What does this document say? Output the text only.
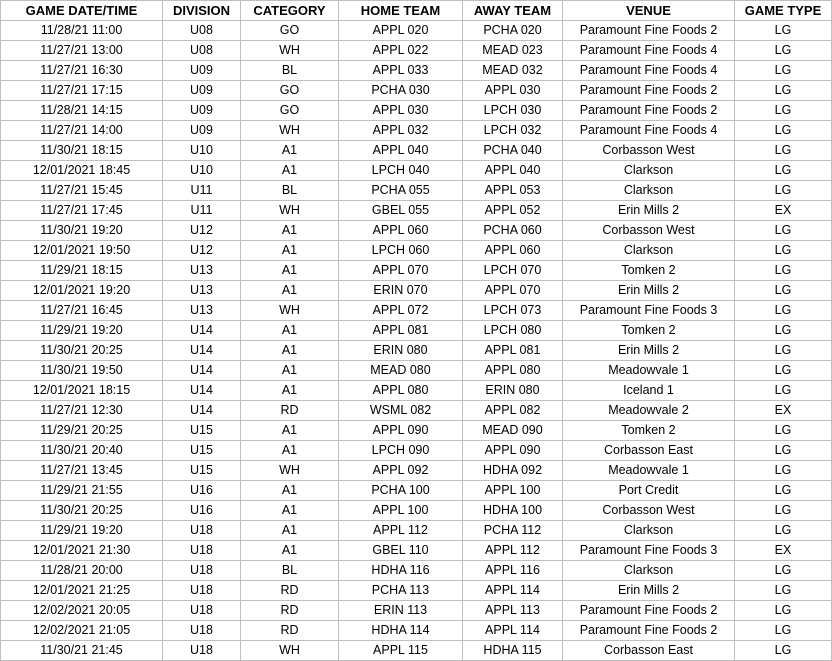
GAME DATE/TIME	DIVISION	CATEGORY	HOME TEAM	AWAY TEAM	VENUE	GAME TYPE
11/28/21 11:00	U08	GO	APPL 020	PCHA 020	Paramount Fine Foods 2	LG
11/27/21 13:00	U08	WH	APPL 022	MEAD 023	Paramount Fine Foods 4	LG
11/27/21 16:30	U09	BL	APPL 033	MEAD 032	Paramount Fine Foods 4	LG
11/27/21 17:15	U09	GO	PCHA 030	APPL 030	Paramount Fine Foods 2	LG
11/28/21 14:15	U09	GO	APPL 030	LPCH 030	Paramount Fine Foods 2	LG
11/27/21 14:00	U09	WH	APPL 032	LPCH 032	Paramount Fine Foods 4	LG
11/30/21 18:15	U10	A1	APPL 040	PCHA 040	Corbasson West	LG
12/01/2021 18:45	U10	A1	LPCH 040	APPL 040	Clarkson	LG
11/27/21 15:45	U11	BL	PCHA 055	APPL 053	Clarkson	LG
11/27/21 17:45	U11	WH	GBEL 055	APPL 052	Erin Mills 2	EX
11/30/21 19:20	U12	A1	APPL 060	PCHA 060	Corbasson West	LG
12/01/2021 19:50	U12	A1	LPCH 060	APPL 060	Clarkson	LG
11/29/21 18:15	U13	A1	APPL 070	LPCH 070	Tomken 2	LG
12/01/2021 19:20	U13	A1	ERIN 070	APPL 070	Erin Mills 2	LG
11/27/21 16:45	U13	WH	APPL 072	LPCH 073	Paramount Fine Foods 3	LG
11/29/21 19:20	U14	A1	APPL 081	LPCH 080	Tomken 2	LG
11/30/21 20:25	U14	A1	ERIN 080	APPL 081	Erin Mills 2	LG
11/30/21 19:50	U14	A1	MEAD 080	APPL 080	Meadowvale 1	LG
12/01/2021 18:15	U14	A1	APPL 080	ERIN 080	Iceland 1	LG
11/27/21 12:30	U14	RD	WSML 082	APPL 082	Meadowvale 2	EX
11/29/21 20:25	U15	A1	APPL 090	MEAD 090	Tomken 2	LG
11/30/21 20:40	U15	A1	LPCH 090	APPL 090	Corbasson East	LG
11/27/21 13:45	U15	WH	APPL 092	HDHA 092	Meadowvale 1	LG
11/29/21 21:55	U16	A1	PCHA 100	APPL 100	Port Credit	LG
11/30/21 20:25	U16	A1	APPL 100	HDHA 100	Corbasson West	LG
11/29/21 19:20	U18	A1	APPL 112	PCHA 112	Clarkson	LG
12/01/2021 21:30	U18	A1	GBEL 110	APPL 112	Paramount Fine Foods 3	EX
11/28/21 20:00	U18	BL	HDHA 116	APPL 116	Clarkson	LG
12/01/2021 21:25	U18	RD	PCHA 113	APPL 114	Erin Mills 2	LG
12/02/2021 20:05	U18	RD	ERIN 113	APPL 113	Paramount Fine Foods 2	LG
12/02/2021 21:05	U18	RD	HDHA 114	APPL 114	Paramount Fine Foods 2	LG
11/30/21 21:45	U18	WH	APPL 115	HDHA 115	Corbasson East	LG
